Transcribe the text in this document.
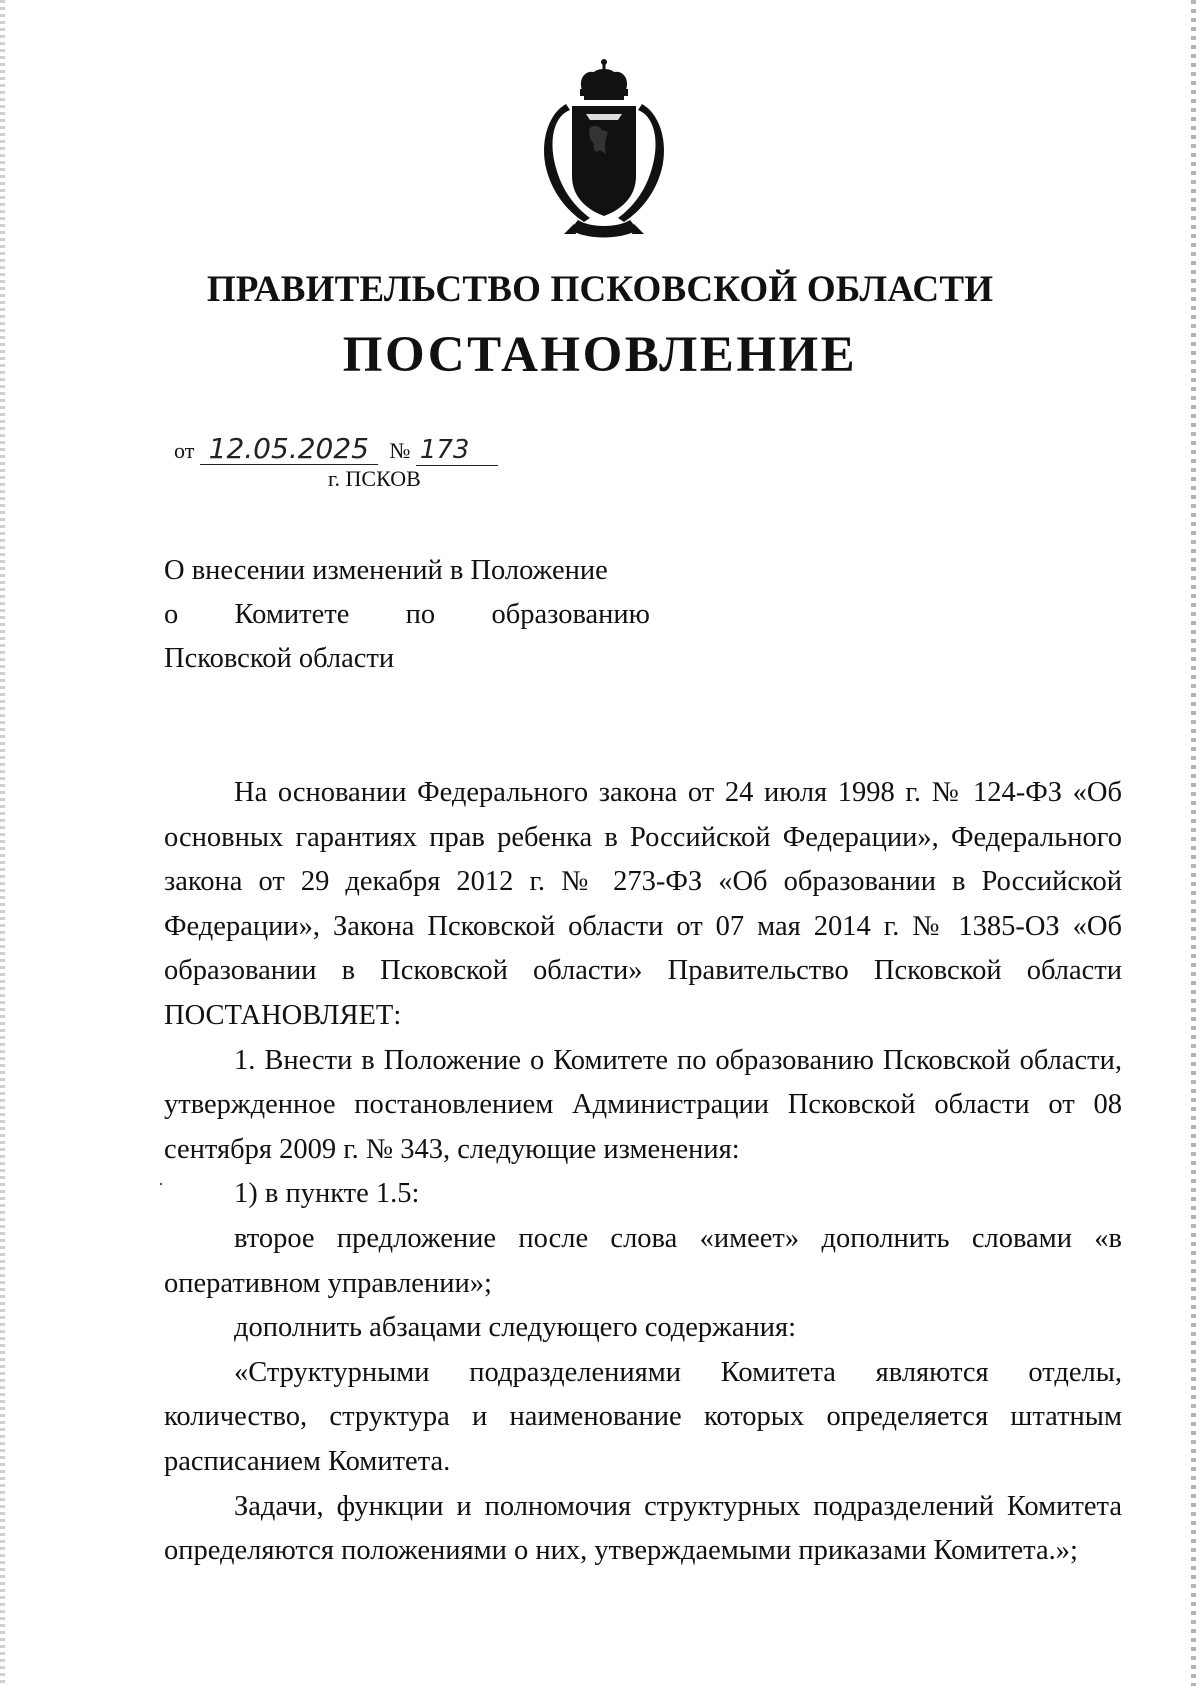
ПРАВИТЕЛЬСТВО ПСКОВСКОЙ ОБЛАСТИ
ПОСТАНОВЛЕНИЕ
от 12.05.2025 № 173
г. ПСКОВ
О внесении изменений в Положение
о Комитете по образованию
Псковской области

На основании Федерального закона от 24 июля 1998 г. № 124-ФЗ «Об основных гарантиях прав ребенка в Российской Федерации», Федерального закона от 29 декабря 2012 г. № 273-ФЗ «Об образовании в Российской Федерации», Закона Псковской области от 07 мая 2014 г. № 1385-ОЗ «Об образовании в Псковской области» Правительство Псковской области ПОСТАНОВЛЯЕТ:

1. Внести в Положение о Комитете по образованию Псковской области, утвержденное постановлением Администрации Псковской области от 08 сентября 2009 г. № 343, следующие изменения:

1) в пункте 1.5:

второе предложение после слова «имеет» дополнить словами «в оперативном управлении»;

дополнить абзацами следующего содержания:

«Структурными подразделениями Комитета являются отделы, количество, структура и наименование которых определяется штатным расписанием Комитета.

Задачи, функции и полномочия структурных подразделений Комитета определяются положениями о них, утверждаемыми приказами Комитета.»;
